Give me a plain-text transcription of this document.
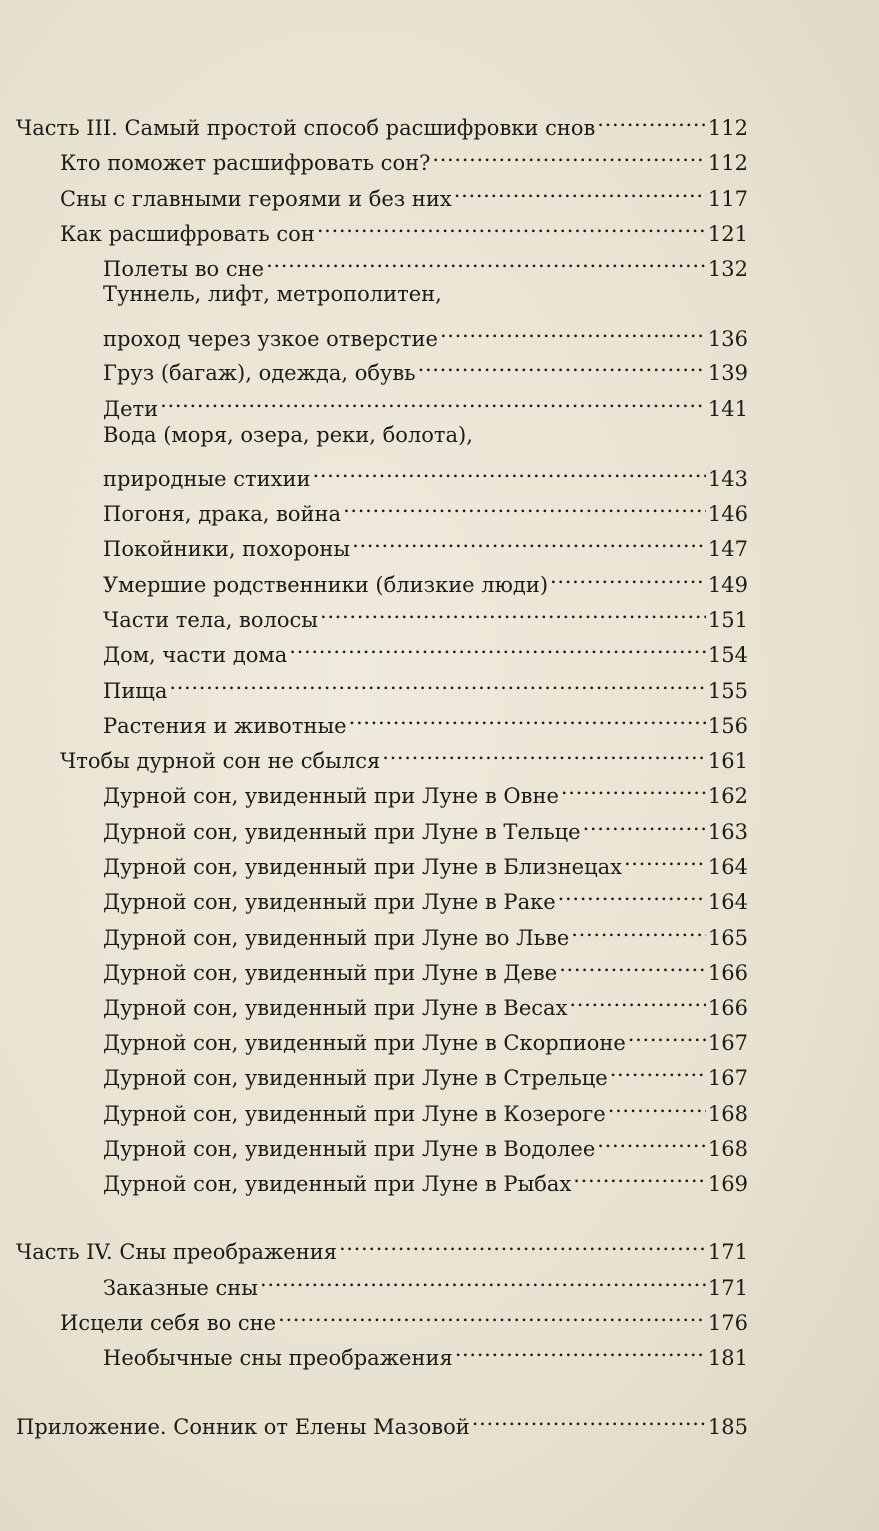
Часть III. Самый простой способ расшифровки снов . . .	112
Кто поможет расшифровать сон? . . .	112
Сны с главными героями и без них . . .	117
Как расшифровать сон . . .	121
Полеты во сне . . .	132
Туннель, лифт, метрополитен,
проход через узкое отверстие . . .	136
Груз (багаж), одежда, обувь . . .	139
Дети . . .	141
Вода (моря, озера, реки, болота),
природные стихии . . .	143
Погоня, драка, война . . .	146
Покойники, похороны . . .	147
Умершие родственники (близкие люди) . . .	149
Части тела, волосы . . .	151
Дом, части дома . . .	154
Пища . . .	155
Растения и животные . . .	156
Чтобы дурной сон не сбылся . . .	161
Дурной сон, увиденный при Луне в Овне . . .	162
Дурной сон, увиденный при Луне в Тельце . . .	163
Дурной сон, увиденный при Луне в Близнецах . . .	164
Дурной сон, увиденный при Луне в Раке . . .	164
Дурной сон, увиденный при Луне во Льве . . .	165
Дурной сон, увиденный при Луне в Деве . . .	166
Дурной сон, увиденный при Луне в Весах . . .	166
Дурной сон, увиденный при Луне в Скорпионе . . .	167
Дурной сон, увиденный при Луне в Стрельце . . .	167
Дурной сон, увиденный при Луне в Козероге . . .	168
Дурной сон, увиденный при Луне в Водолее . . .	168
Дурной сон, увиденный при Луне в Рыбах . . .	169
Часть IV. Сны преображения . . .	171
Заказные сны . . .	171
Исцели себя во сне . . .	176
Необычные сны преображения . . .	181
Приложение. Сонник от Елены Мазовой . . .	185
